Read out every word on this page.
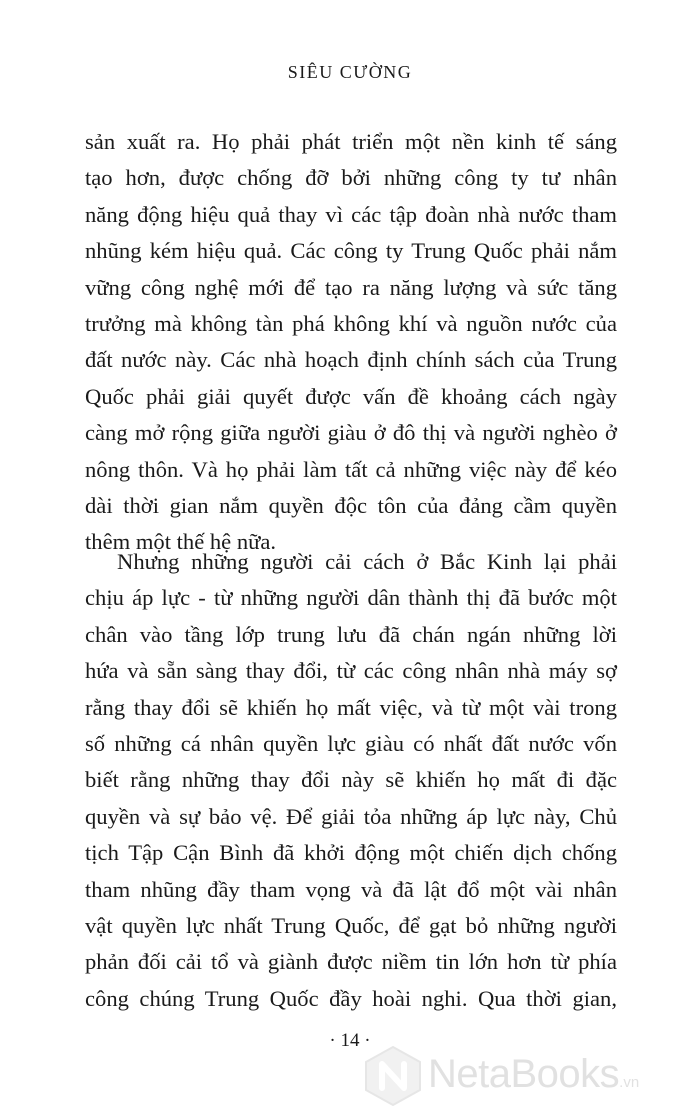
SIÊU CƯỜNG
sản xuất ra. Họ phải phát triển một nền kinh tế sáng
tạo hơn, được chống đỡ bởi những công ty tư nhân
năng động hiệu quả thay vì các tập đoàn nhà nước tham
nhũng kém hiệu quả. Các công ty Trung Quốc phải nắm
vững công nghệ mới để tạo ra năng lượng và sức tăng
trưởng mà không tàn phá không khí và nguồn nước của
đất nước này. Các nhà hoạch định chính sách của Trung
Quốc phải giải quyết được vấn đề khoảng cách ngày
càng mở rộng giữa người giàu ở đô thị và người nghèo ở
nông thôn. Và họ phải làm tất cả những việc này để kéo
dài thời gian nắm quyền độc tôn của đảng cầm quyền
thêm một thế hệ nữa.
Nhưng những người cải cách ở Bắc Kinh lại phải
chịu áp lực - từ những người dân thành thị đã bước một
chân vào tầng lớp trung lưu đã chán ngán những lời
hứa và sẵn sàng thay đổi, từ các công nhân nhà máy sợ
rằng thay đổi sẽ khiến họ mất việc, và từ một vài trong
số những cá nhân quyền lực giàu có nhất đất nước vốn
biết rằng những thay đổi này sẽ khiến họ mất đi đặc
quyền và sự bảo vệ. Để giải tỏa những áp lực này, Chủ
tịch Tập Cận Bình đã khởi động một chiến dịch chống
tham nhũng đầy tham vọng và đã lật đổ một vài nhân
vật quyền lực nhất Trung Quốc, để gạt bỏ những người
phản đối cải tổ và giành được niềm tin lớn hơn từ phía
công chúng Trung Quốc đầy hoài nghi. Qua thời gian,
· 14 ·
NetaBooks.vn
